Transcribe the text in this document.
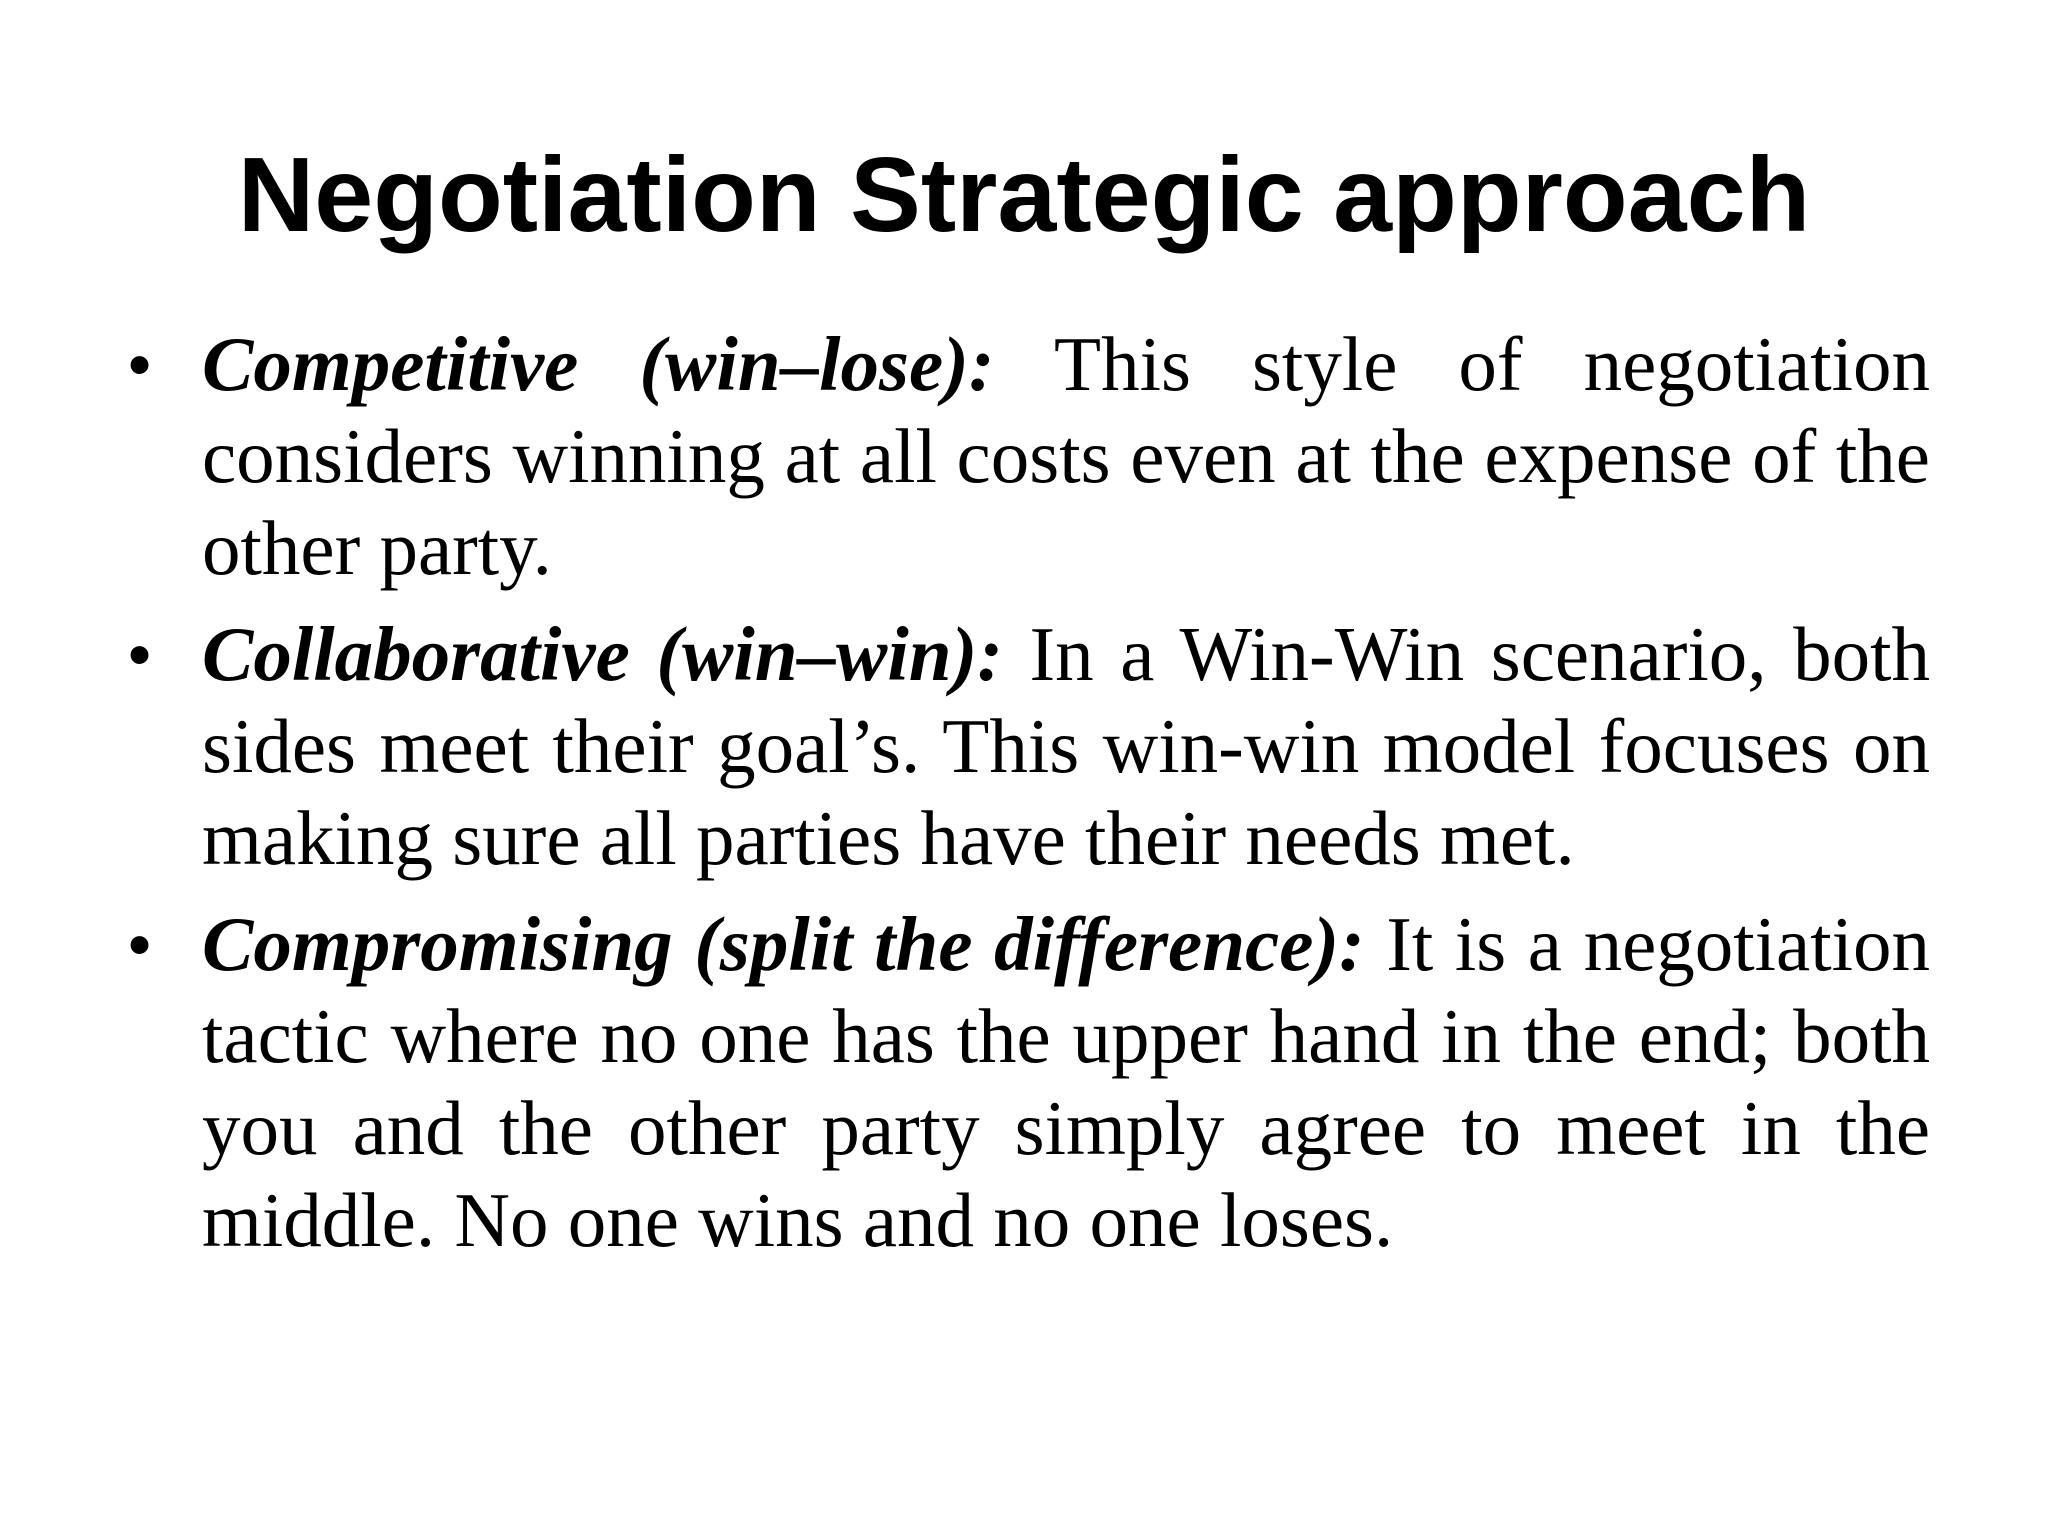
Negotiation Strategic approach
• Competitive (win–lose): This style of negotiation considers winning at all costs even at the expense of the other party.
• Collaborative (win–win): In a Win-Win scenario, both sides meet their goal’s. This win-win model focuses on making sure all parties have their needs met.
• Compromising (split the difference): It is a negotiation tactic where no one has the upper hand in the end; both you and the other party simply agree to meet in the middle. No one wins and no one loses.
